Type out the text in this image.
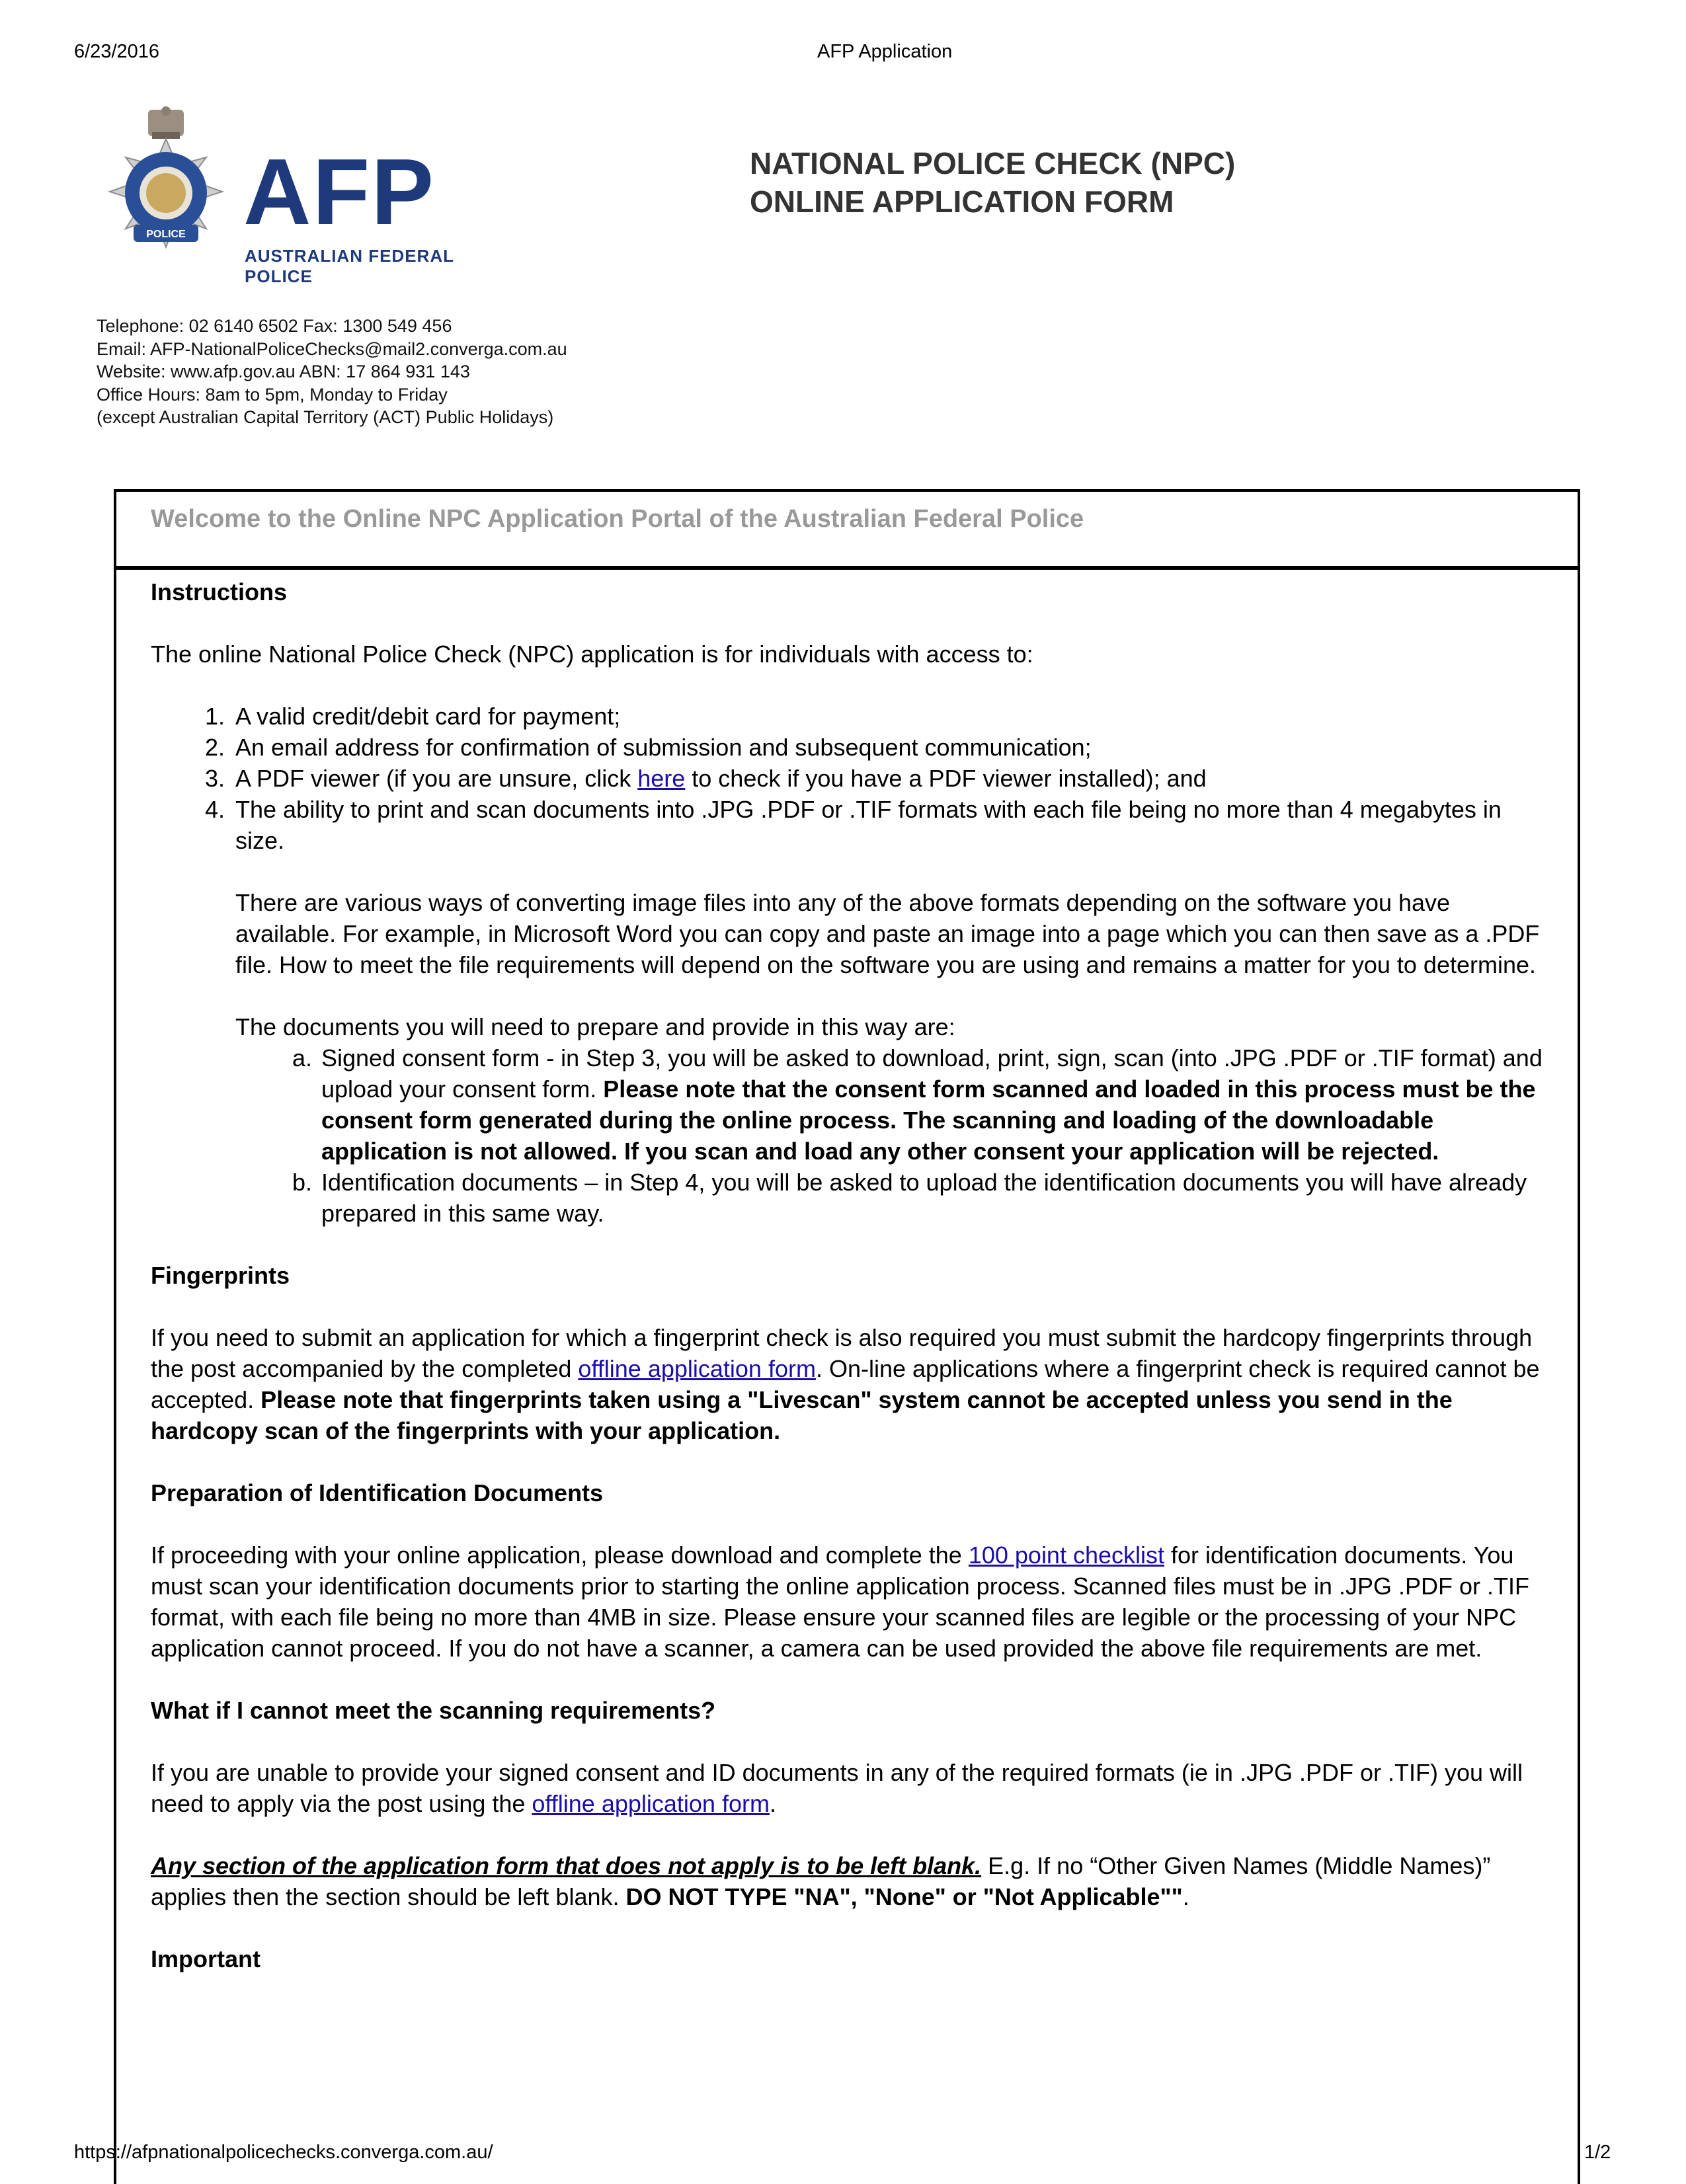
6/23/2016	AFP Application
POLICE AFP
AUSTRALIAN FEDERAL POLICE
NATIONAL POLICE CHECK (NPC)
ONLINE APPLICATION FORM
Telephone: 02 6140 6502 Fax: 1300 549 456
Email: AFP-NationalPoliceChecks@mail2.converga.com.au
Website: www.afp.gov.au ABN: 17 864 931 143
Office Hours: 8am to 5pm, Monday to Friday
(except Australian Capital Territory (ACT) Public Holidays)
Welcome to the Online NPC Application Portal of the Australian Federal Police
Instructions

The online National Police Check (NPC) application is for individuals with access to:

1. A valid credit/debit card for payment;
2. An email address for confirmation of submission and subsequent communication;
3. A PDF viewer (if you are unsure, click here to check if you have a PDF viewer installed); and
4. The ability to print and scan documents into .JPG .PDF or .TIF formats with each file being no more than 4 megabytes in size.

There are various ways of converting image files into any of the above formats depending on the software you have available. For example, in Microsoft Word you can copy and paste an image into a page which you can then save as a .PDF file. How to meet the file requirements will depend on the software you are using and remains a matter for you to determine.

The documents you will need to prepare and provide in this way are:

a. Signed consent form - in Step 3, you will be asked to download, print, sign, scan (into .JPG .PDF or .TIF format) and upload your consent form. Please note that the consent form scanned and loaded in this process must be the consent form generated during the online process. The scanning and loading of the downloadable application is not allowed. If you scan and load any other consent your application will be rejected.
b. Identification documents – in Step 4, you will be asked to upload the identification documents you will have already prepared in this same way.
Fingerprints

If you need to submit an application for which a fingerprint check is also required you must submit the hardcopy fingerprints through the post accompanied by the completed offline application form. On-line applications where a fingerprint check is required cannot be accepted. Please note that fingerprints taken using a "Livescan" system cannot be accepted unless you send in the hardcopy scan of the fingerprints with your application.

Preparation of Identification Documents

If proceeding with your online application, please download and complete the 100 point checklist for identification documents. You must scan your identification documents prior to starting the online application process. Scanned files must be in .JPG .PDF or .TIF format, with each file being no more than 4MB in size. Please ensure your scanned files are legible or the processing of your NPC application cannot proceed. If you do not have a scanner, a camera can be used provided the above file requirements are met.

What if I cannot meet the scanning requirements?

If you are unable to provide your signed consent and ID documents in any of the required formats (ie in .JPG .PDF or .TIF) you will need to apply via the post using the offline application form.

Any section of the application form that does not apply is to be left blank. E.g. If no “Other Given Names (Middle Names)” applies then the section should be left blank. DO NOT TYPE "NA", "None" or "Not Applicable"".

Important
https://afpnationalpolicechecks.converga.com.au/	1/2
